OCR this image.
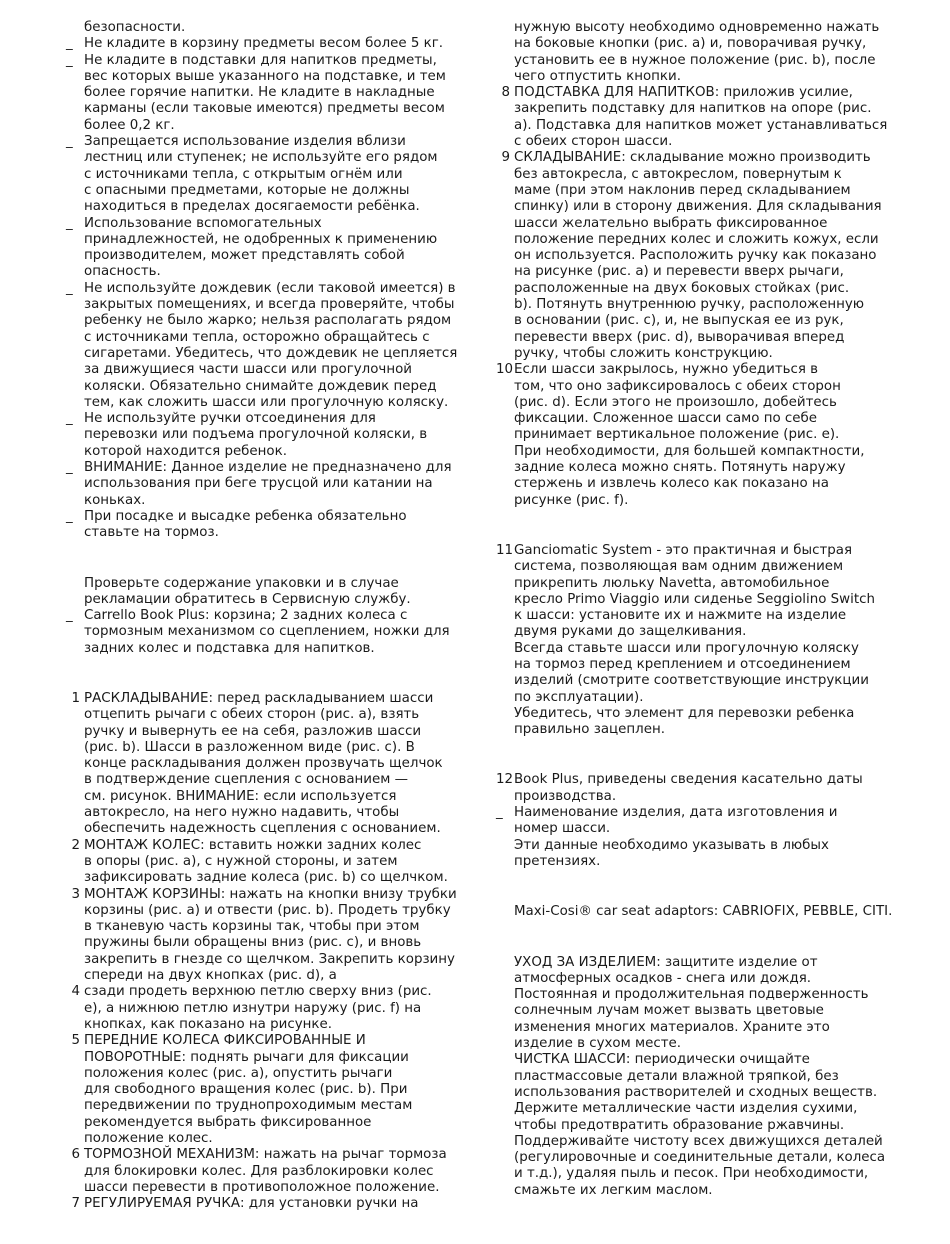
безопасности.
_ Не кладите в корзину предметы весом более 5 кг.
_ Не кладите в подставки для напитков предметы,
вес которых выше указанного на подставке, и тем
более горячие напитки. Не кладите в накладные
карманы (если таковые имеются) предметы весом
более 0,2 кг.
_ Запрещается использование изделия вблизи
лестниц или ступенек; не используйте его рядом
с источниками тепла, с открытым огнём или
с опасными предметами, которые не должны
находиться в пределах досягаемости ребёнка.
_ Использование вспомогательных
принадлежностей, не одобренных к применению
производителем, может представлять собой
опасность.
_ Не используйте дождевик (если таковой имеется) в
закрытых помещениях, и всегда проверяйте, чтобы
ребенку не было жарко; нельзя располагать рядом
с источниками тепла, осторожно обращайтесь с
сигаретами. Убедитесь, что дождевик не цепляется
за движущиеся части шасси или прогулочной
коляски. Обязательно снимайте дождевик перед
тем, как сложить шасси или прогулочную коляску.
_ Не используйте ручки отсоединения для
перевозки или подъема прогулочной коляски, в
которой находится ребенок.
_ ВНИМАНИЕ: Данное изделие не предназначено для
использования при беге трусцой или катании на
коньках.
_ При посадке и высадке ребенка обязательно
ставьте на тормоз.
Проверьте содержание упаковки и в случае
рекламации обратитесь в Сервисную службу.
_ Carrello Book Plus: корзина; 2 задних колеса с
тормозным механизмом со сцеплением, ножки для
задних колес и подставка для напитков.
1 РАСКЛАДЫВАНИЕ: перед раскладыванием шасси
отцепить рычаги с обеих сторон (рис. a), взять
ручку и вывернуть ее на себя, разложив шасси
(рис. b). Шасси в разложенном виде (рис. c). В
конце раскладывания должен прозвучать щелчок
в подтверждение сцепления с основанием —
см. рисунок. ВНИМАНИЕ: если используется
автокресло, на него нужно надавить, чтобы
обеспечить надежность сцепления с основанием.
2 МОНТАЖ КОЛЕС: вставить ножки задних колес
в опоры (рис. a), с нужной стороны, и затем
зафиксировать задние колеса (рис. b) со щелчком.
3 МОНТАЖ КОРЗИНЫ: нажать на кнопки внизу трубки
корзины (рис. a) и отвести (рис. b). Продеть трубку
в тканевую часть корзины так, чтобы при этом
пружины были обращены вниз (рис. c), и вновь
закрепить в гнезде со щелчком. Закрепить корзину
спереди на двух кнопках (рис. d), а
4 сзади продеть верхнюю петлю сверху вниз (рис.
e), а нижнюю петлю изнутри наружу (рис. f) на
кнопках, как показано на рисунке.
5 ПЕРЕДНИЕ КОЛЕСА ФИКСИРОВАННЫЕ И
ПОВОРОТНЫЕ: поднять рычаги для фиксации
положения колес (рис. a), опустить рычаги
для свободного вращения колес (рис. b). При
передвижении по труднопроходимым местам
рекомендуется выбрать фиксированное
положение колес.
6 ТОРМОЗНОЙ МЕХАНИЗМ: нажать на рычаг тормоза
для блокировки колес. Для разблокировки колес
шасси перевести в противоположное положение.
7 РЕГУЛИРУЕМАЯ РУЧКА: для установки ручки на
нужную высоту необходимо одновременно нажать
на боковые кнопки (рис. a) и, поворачивая ручку,
установить ее в нужное положение (рис. b), после
чего отпустить кнопки.
8 ПОДСТАВКА ДЛЯ НАПИТКОВ: приложив усилие,
закрепить подставку для напитков на опоре (рис.
a). Подставка для напитков может устанавливаться
с обеих сторон шасси.
9 СКЛАДЫВАНИЕ: складывание можно производить
без автокресла, с автокреслом, повернутым к
маме (при этом наклонив перед складыванием
спинку) или в сторону движения. Для складывания
шасси желательно выбрать фиксированное
положение передних колес и сложить кожух, если
он используется. Расположить ручку как показано
на рисунке (рис. a) и перевести вверх рычаги,
расположенные на двух боковых стойках (рис.
b). Потянуть внутреннюю ручку, расположенную
в основании (рис. c), и, не выпуская ее из рук,
перевести вверх (рис. d), выворачивая вперед
ручку, чтобы сложить конструкцию.
10 Если шасси закрылось, нужно убедиться в
том, что оно зафиксировалось с обеих сторон
(рис. d). Если этого не произошло, добейтесь
фиксации. Сложенное шасси само по себе
принимает вертикальное положение (рис. e).
При необходимости, для большей компактности,
задние колеса можно снять. Потянуть наружу
стержень и извлечь колесо как показано на
рисунке (рис. f).
11 Ganciomatic System - это практичная и быстрая
система, позволяющая вам одним движением
прикрепить люльку Navetta, автомобильное
кресло Primo Viaggio или сиденье Seggiolino Switch
к шасси: установите их и нажмите на изделие
двумя руками до защелкивания.
Всегда ставьте шасси или прогулочную коляску
на тормоз перед креплением и отсоединением
изделий (смотрите соответствующие инструкции
по эксплуатации).
Убедитесь, что элемент для перевозки ребенка
правильно зацеплен.
12 Book Plus, приведены сведения касательно даты
производства.
_ Наименование изделия, дата изготовления и
номер шасси.
Эти данные необходимо указывать в любых
претензиях.
Maxi-Cosi® car seat adaptors: CABRIOFIX, PEBBLE, CITI.
УХОД ЗА ИЗДЕЛИЕМ: защитите изделие от
атмосферных осадков - снега или дождя.
Постоянная и продолжительная подверженность
солнечным лучам может вызвать цветовые
изменения многих материалов. Храните это
изделие в сухом месте.
ЧИСТКА ШАССИ: периодически очищайте
пластмассовые детали влажной тряпкой, без
использования растворителей и сходных веществ.
Держите металлические части изделия сухими,
чтобы предотвратить образование ржавчины.
Поддерживайте чистоту всех движущихся деталей
(регулировочные и соединительные детали, колеса
и т.д.), удаляя пыль и песок. При необходимости,
смажьте их легким маслом.
